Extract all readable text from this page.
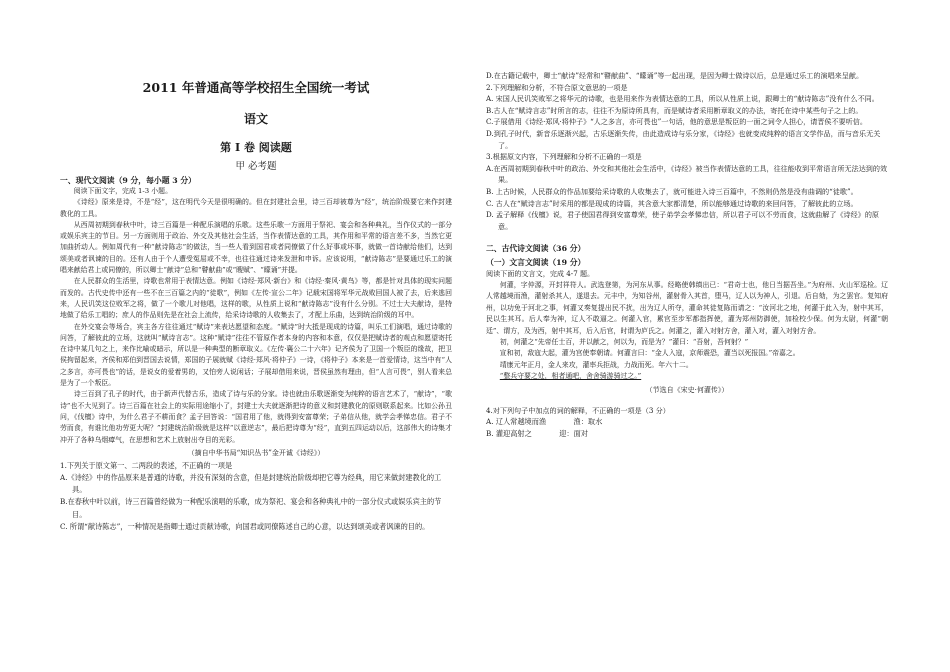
2011 年普通高等学校招生全国统一考试
语文
第 I 卷 阅读题
甲 必考题
一、现代文阅读（9 分，每小题 3 分）

阅读下面文字，完成 1-3 小题。

《诗经》原来是诗，不是“经”，这在明代今天是很明确的。但在封建社会里，诗三百却被尊为“经”，统治阶级要它来作封建教化的工具。

从西周初期到春秋中叶，诗三百篇是一种配乐演唱的乐歌。这些乐歌一方面用于祭祀、宴会和各种典礼，当作仪式的一部分或娱乐宾主的节目。另一方面则用于政治、外交及其他社会生活，当作表情达意的工具，其作用和平常的语言差不多，当然它更加曲折动人。例如周代有一种“献诗陈志”的做法，当一些人看到国君或者同僚做了什么好事或坏事，就做一首诗献给他们，达到颂美或者讽谏的目的。还有人由于个人遭受冤屈或不幸，也往往通过诗来发泄和申诉。应该说明，“献诗陈志”是要通过乐工的演唱来献给君上或同僚的，所以卿士“献诗”总和“瞽献曲”或“瞍赋”、“矇诵”并提。

在人民群众的生活里，诗歌也常用于表情达意。例如《诗经·郑风·新台》和《诗经·秦风·黄鸟》等，都是针对具体的现实问题而发的。古代史传中还有一些不在三百篇之内的“徒歌”，例如《左传·宣公二年》记载宋国将军华元战败回国人被了去，后来逃回来，人民讥笑这位败军之将，做了一个歌儿对他唱，这样的歌，从性质上说和“献诗陈志”没有什么分别。不过士大夫献诗，是特地做了给乐工唱的；庶人的作品则先是在社会上流传，给采诗诗歌的人收集去了，才配上乐曲，达到统治阶级的耳中。

在外交宴会等场合，宾主各方往往通过“赋诗”来表达愿望和态度。“赋诗”时大抵是现成的诗篇，叫乐工们演唱，通过诗歌的问答，了解彼此的立场，这就叫“赋诗言志”。这种“赋诗”往往不管原作者本身的内容和本意，仅仅是把赋诗者的观点和愿望寄托在诗中某几句之上，来作比喻或暗示，所以是一种典型的断章取义。《左传·襄公二十六年》记齐侯为了卫国一个叛臣的缘故，把卫侯拘留起来，齐侯和郑伯到晋国去说情，郑国的子展就赋《诗经·郑风·将仲子》一诗，《将仲子》本来是一首爱情诗，这当中有“人之多言，亦可畏也”的话，是说女的爱着男的，又怕旁人说闲话；子展却借用来说，晋侯虽然有理由，但“人言可畏”，别人看来总是为了一个叛臣。

诗三百到了孔子的时代，由于新声代替古乐，造成了诗与乐的分家。诗也就由乐歌逐渐变为纯粹的语言艺术了，“献诗”，“歌诗”也不大见到了。诗三百篇在社会上的实际用途缩小了，封建士大夫就逐渐把诗的意义和封建教化的原则联系起来。比如公孙丑问，《伐檀》诗中，为什么君子不耕而食？孟子回答说：“国君用了他，就得到安富尊荣；子弟信从他，就学会孝悌忠信。君子不劳而食，有谁比他功劳更大呢？”封建统治阶级就是这样“以意逆志”，最后把诗尊为“经”，直到五四运动以后，这部伟大的诗集才冲开了各种乌烟瘴气，在思想和艺术上放射出夺目的光彩。

（摘自中华书局“知识丛书”金开诚《诗经》）

1.下列关于原文第一、二两段的表述，不正确的一项是

A.《诗经》中的作品原来是普通的诗歌，并没有深刻的含意，但是封建统治阶级却把它尊为经典，用它来做封建教化的工具。

B.在春秋中叶以前，诗三百篇曾经做为一种配乐演唱的乐歌，成为祭祀、宴会和各种典礼中的一部分仪式或娱乐宾主的节目。

C. 所谓“献诗陈志”，一种情况是指卿士通过贡献诗歌，向国君或同僚陈述自己的心意，以达到颂美或者讽谏的目的。

D.在古籍记载中，卿士“献诗”经常和“瞽献曲”、“矇诵”等一起出现，是因为卿士做诗以后，总是通过乐工的演唱来呈献。

2.下列理解和分析，不符合原文意思的一项是

A. 宋国人民讥笑败军之将华元的诗歌，也是用来作为表情达意的工具，所以从性质上说，跟卿士的“献诗陈志”没有什么不同。

B.古人在“赋诗言志”时所言的志，往往不为原诗所具有，而是赋诗者采用断章取义的办法，寄托在诗中某些句子之上的。

C.子展借用《诗经·郑风·将仲子》“人之多言，亦可畏也”一句话，他的意思是叛臣的一面之词令人担心，请晋侯不要听信。

D.到孔子时代，新音乐逐渐兴起，古乐逐渐失传，由此造成诗与乐分家，《诗经》也就变成纯粹的语言文学作品，而与音乐无关了。

3.根据原文内容，下列理解和分析不正确的一项是

A.在西周初期到春秋中叶的政治、外交和其他社会生活中，《诗经》被当作表情达意的工具，往往能收到平常语言所无法达到的效果。

B. 上古时候，人民群众的作品加要给采诗歌的人收集去了，就可能进入诗三百篇中，不然则仍然是没有曲调的“徒歌”。

C. 古人在“赋诗言志”时采用的都是现成的诗篇，其含意大家都清楚，所以能够通过诗歌的来回问答，了解彼此的立场。

D. 孟子解释《伐檀》说，君子使国君得到安富尊荣，使子弟学会孝悌忠信，所以君子可以不劳而食，这就曲解了《诗经》的原意。

二、古代诗文阅读（36 分）
（一）文言文阅读（19 分）

阅读下面的文言文，完成 4-7 题。

何灌，字仲源，开封祥符人。武选登第，为河东从事。经略使韩缜出已：“君奇士也，他日当据吾坐。”为府州、火山军巡检。辽人常越境而渔，灌射杀其人，遂退去。元丰中，为知谷州，灌射骨入其首，堕马，辽人以为神人，引退。后自劾，为之罢官。复知府州，以功免于河北之事，何灌又奏复提出民不扰，出为辽人所夺，灌命其徒复陈而请之：“汝河北之地，何灌于此入为，射中其耳，民以生其耳。后人奉为神，辽人不敢逼之。何灌入官，累官至步军都指挥使，灌为郑州防御使，加检校少保。何为太尉，何灌“朝廷”、谓方，及为西，射中其耳，后入后官，时谓为庐氏之。何灌之，灌入对射方舍，灌入对，灌入对射方舍。

初，何灌之“先帝任士百，并以献之，何以为，而是为？”灌曰：“吾射，吾何射？”

宣和初，敌寇大起，灌为宫使奉朝请。何灌言曰：“金人入寇，京师震恐，灌当以死报国。”帝嘉之。

靖康元年正月，金人来攻，灌率兵拒战，力战而死。年六十二。

“整兵守要之处，相者通吧，舍舍骑游骑过之。”

（节选自《宋史·何灌传》）

4.对下列句子中加点的词的解释，不正确的一项是（3 分）

A. 辽人常越境而渔	渔：取水
B. 灌迎高射之	迎：面对
